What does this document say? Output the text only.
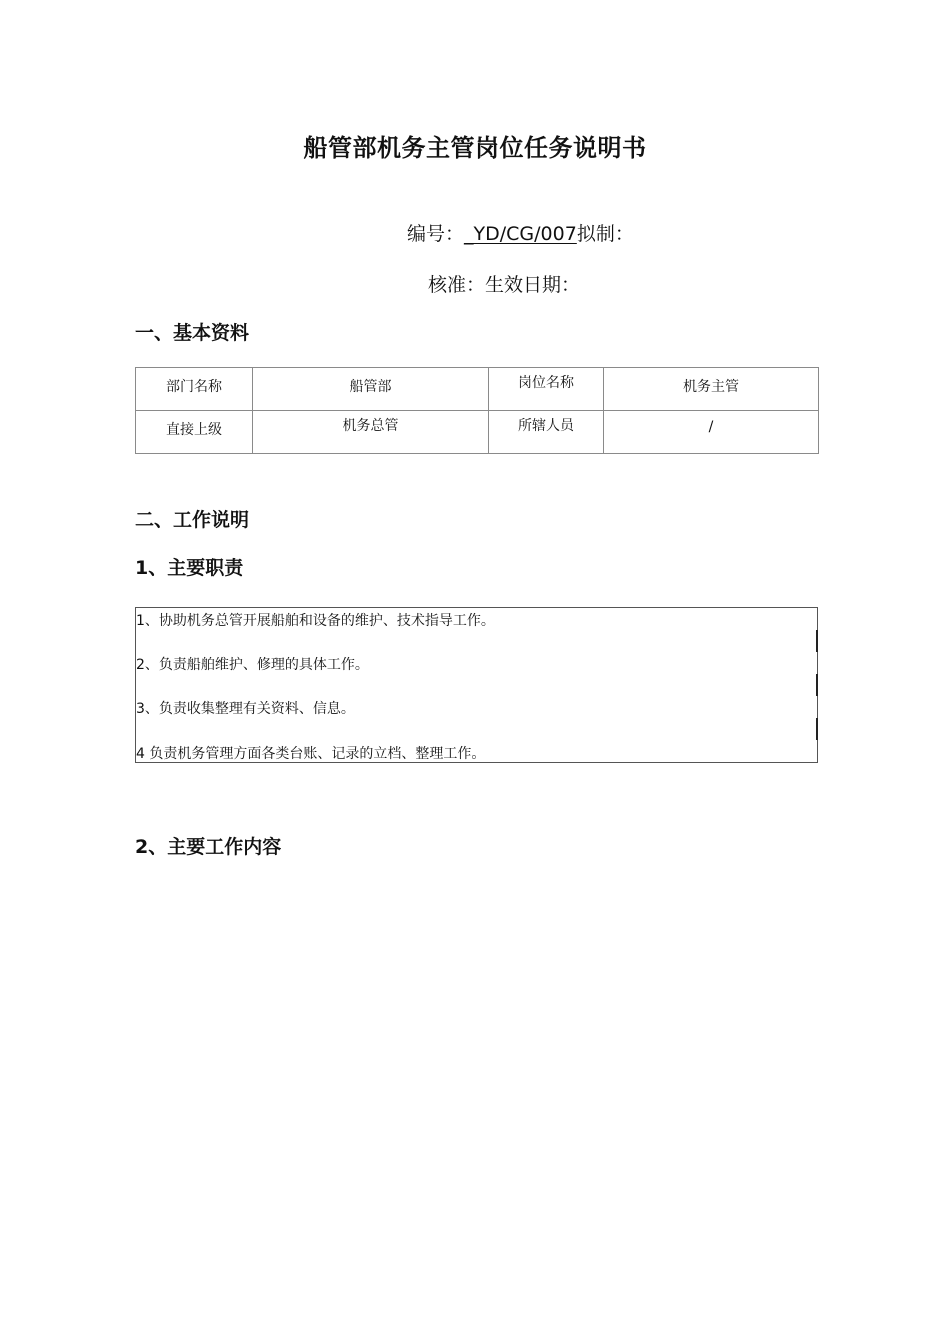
船管部机务主管岗位任务说明书
编号：_YD/CG/007拟制：
核准：生效日期：
一、基本资料
部门名称	船管部	岗位名称	机务主管
直接上级	机务总管	所辖人员	/
二、工作说明
1、主要职责
1、协助机务总管开展船舶和设备的维护、技术指导工作。
2、负责船舶维护、修理的具体工作。
3、负责收集整理有关资料、信息。
4 负责机务管理方面各类台账、记录的立档、整理工作。
2、主要工作内容
